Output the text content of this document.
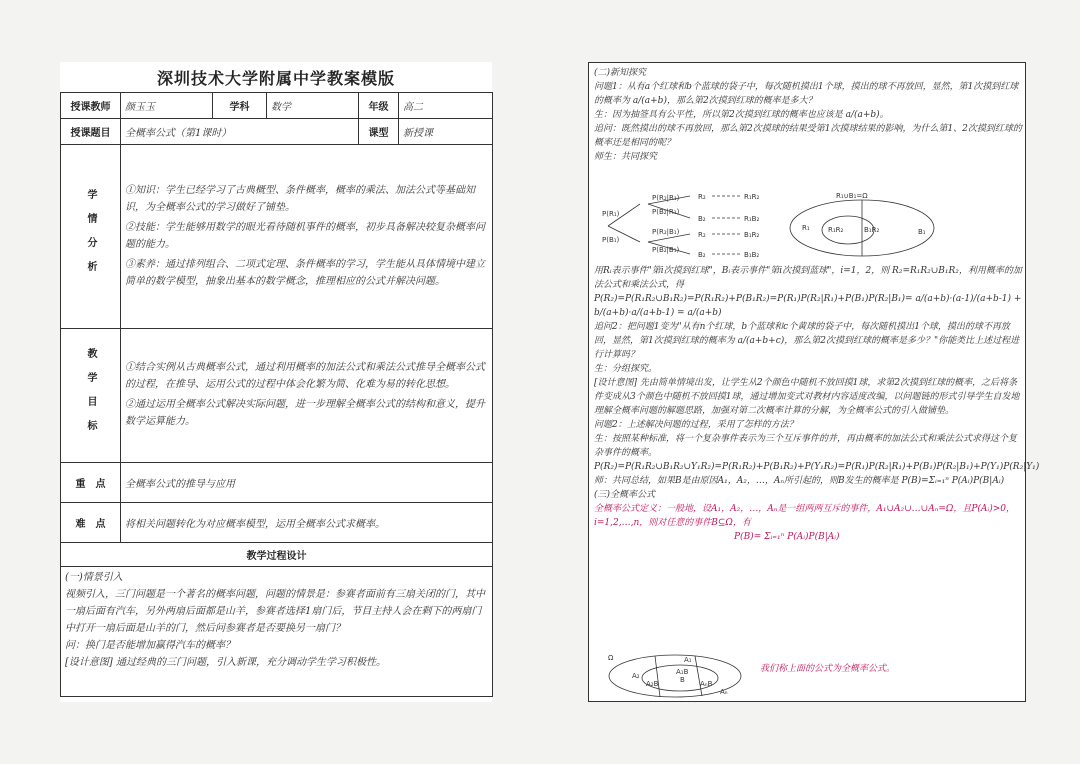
深圳技术大学附属中学教案模版
授课教师	颜玉玉	学科	数学	年级	高二
授课题目	全概率公式（第1课时）			课型	新授课
学情分析	①知识：学生已经学习了古典概型、条件概率，概率的乘法、加法公式等基础知识，为全概率公式的学习做好了铺垫。

②技能：学生能够用数学的眼光看待随机事件的概率，初步具备解决较复杂概率问题的能力。

③素养：通过排列组合、二项式定理、条件概率的学习，学生能从具体情境中建立简单的数学模型，抽象出基本的数学概念，推理相应的公式并解决问题。				

教学目标	①结合实例从古典概率公式，通过利用概率的加法公式和乘法公式推导全概率公式的过程，在推导、运用公式的过程中体会化繁为简、化难为易的转化思想。

②通过运用全概率公式解决实际问题，进一步理解全概率公式的结构和意义，提升数学运算能力。				

重　点	全概率公式的推导与应用				
难　点	将相关问题转化为对应概率模型，运用全概率公式求概率。				
教学过程设计					

(一)情景引入

视频引入，三门问题是一个著名的概率问题，问题的情景是：参赛者面前有三扇关闭的门，其中一扇后面有汽车，另外两扇后面都是山羊，参赛者选择1扇门后，节目主持人会在剩下的两扇门中打开一扇后面是山羊的门，然后问参赛者是否要换另一扇门？

问：换门是否能增加赢得汽车的概率？

[设计意图] 通过经典的三门问题，引入新课，充分调动学生学习积极性。					

(二)新知探究
问题1：从有a个红球和b个蓝球的袋子中，每次随机摸出1个球，摸出的球不再放回，显然，第1次摸到红球的概率为 a/(a+b)，那么第2次摸到红球的概率是多大？
生：因为抽签具有公平性，所以第2次摸到红球的概率也应该是 a/(a+b)。
追问：既然摸出的球不再放回，那么第2次摸球的结果受第1次摸球结果的影响，为什么第1、2次摸到红球的概率还是相同的呢？
师生：共同探究
P(R₁)
P(B₁)
P(R₂|R₁)
P(B₂|R₁)
P(R₂|B₁)
P(B₂|B₁)
R₂
B₂
R₂
B₂
R₁R₂
R₁B₂
B₁R₂
B₁B₂
R₁∪B₁=Ω
R₁	B₁
R₁R₂	B₁R₂
用Rᵢ表示事件"第i次摸到红球"，Bᵢ表示事件"第i次摸到蓝球"，i=1，2，则 R₂=R₁R₂∪B₁R₂，利用概率的加法公式和乘法公式，得
P(R₂)=P(R₁R₂∪B₁R₂)=P(R₁R₂)+P(B₁R₂)=P(R₁)P(R₂|R₁)+P(B₁)P(R₂|B₁)= a/(a+b)·(a-1)/(a+b-1) + b/(a+b)·a/(a+b-1) = a/(a+b)
追问2：把问题1变为"从有n个红球，b个蓝球和c个黄球的袋子中，每次随机摸出1个球，摸出的球不再放回，显然，第1次摸到红球的概率为 a/(a+b+c)，那么第2次摸到红球的概率是多少？"你能类比上述过程进行计算吗？
生：分组探究。
[设计意图] 先由简单情境出发，让学生从2个颜色中随机不放回摸1球，求第2次摸到红球的概率，之后将条件变成从3个颜色中随机不放回摸1球，通过增加变式对教材内容适度改编，以问题链的形式引导学生自发地理解全概率问题的解题思路，加强对第二次概率计算的分解，为全概率公式的引入做铺垫。
问题2：上述解决问题的过程，采用了怎样的方法？
生：按照某种标准，将一个复杂事件表示为三个互斥事件的并，再由概率的加法公式和乘法公式求得这个复杂事件的概率。
P(R₂)=P(R₁R₂∪B₁R₂∪Y₁R₂)=P(R₁R₂)+P(B₁R₂)+P(Y₁R₂)=P(R₁)P(R₂|R₁)+P(B₁)P(R₂|B₁)+P(Y₁)P(R₂|Y₁)
师：共同总结，如果B是由原因A₁，A₂，…，Aₙ所引起的，则B发生的概率是 P(B)=Σᵢ₌₁ⁿ P(Aᵢ)P(B|Aᵢ)
(三)全概率公式
全概率公式定义：一般地，设A₁，A₂，…，Aₙ是一组两两互斥的事件，A₁∪A₂∪…∪Aₙ=Ω，且P(Aᵢ)>0，i=1,2,…,n，则对任意的事件B⊆Ω，有
P(B)= Σᵢ₌₁ⁿ P(Aᵢ)P(B|Aᵢ)
Ω	A₁
A₂
Aₙ
A₂B
A₁B
AₙB
B
我们称上面的公式为全概率公式。
